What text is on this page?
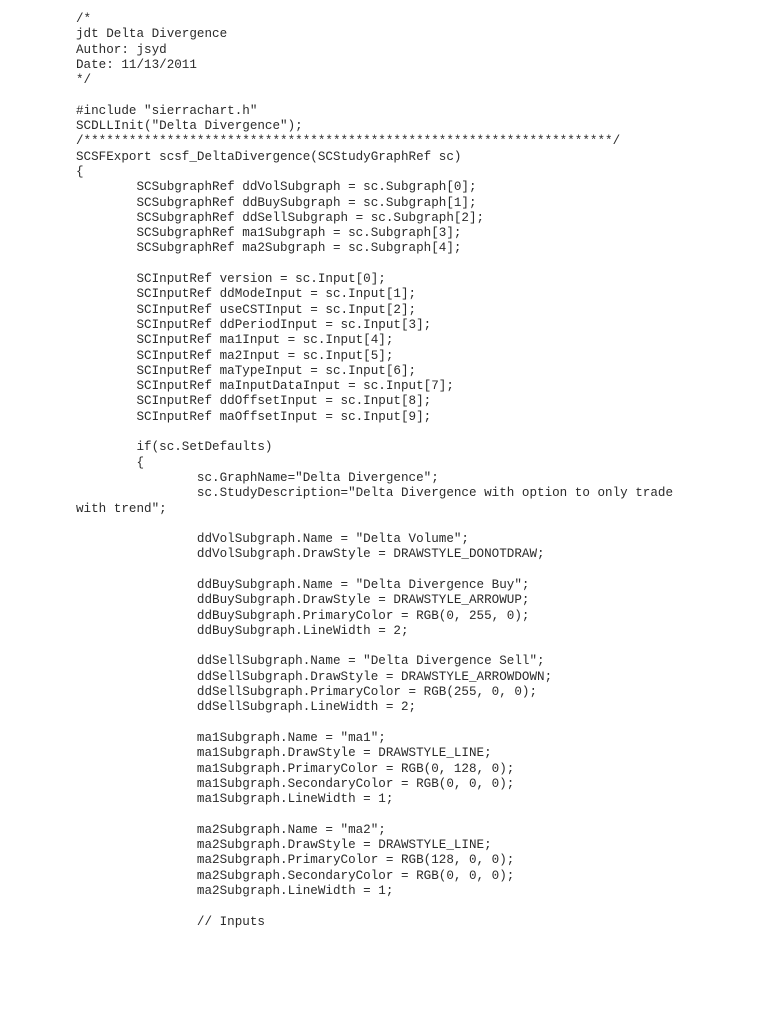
/*
jdt Delta Divergence
Author: jsyd
Date: 11/13/2011
*/
#include "sierrachart.h"
SCDLLInit("Delta Divergence");
/**********************************************************************/
SCSFExport scsf_DeltaDivergence(SCStudyGraphRef sc)
{
SCSubgraphRef ddVolSubgraph = sc.Subgraph[0];
SCSubgraphRef ddBuySubgraph = sc.Subgraph[1];
SCSubgraphRef ddSellSubgraph = sc.Subgraph[2];
SCSubgraphRef ma1Subgraph = sc.Subgraph[3];
SCSubgraphRef ma2Subgraph = sc.Subgraph[4];
SCInputRef version = sc.Input[0];
SCInputRef ddModeInput = sc.Input[1];
SCInputRef useCSTInput = sc.Input[2];
SCInputRef ddPeriodInput = sc.Input[3];
SCInputRef ma1Input = sc.Input[4];
SCInputRef ma2Input = sc.Input[5];
SCInputRef maTypeInput = sc.Input[6];
SCInputRef maInputDataInput = sc.Input[7];
SCInputRef ddOffsetInput = sc.Input[8];
SCInputRef maOffsetInput = sc.Input[9];
if(sc.SetDefaults)
{
sc.GraphName="Delta Divergence";
sc.StudyDescription="Delta Divergence with option to only trade
with trend";
ddVolSubgraph.Name = "Delta Volume";
ddVolSubgraph.DrawStyle = DRAWSTYLE_DONOTDRAW;
ddBuySubgraph.Name = "Delta Divergence Buy";
ddBuySubgraph.DrawStyle = DRAWSTYLE_ARROWUP;
ddBuySubgraph.PrimaryColor = RGB(0, 255, 0);
ddBuySubgraph.LineWidth = 2;
ddSellSubgraph.Name = "Delta Divergence Sell";
ddSellSubgraph.DrawStyle = DRAWSTYLE_ARROWDOWN;
ddSellSubgraph.PrimaryColor = RGB(255, 0, 0);
ddSellSubgraph.LineWidth = 2;
ma1Subgraph.Name = "ma1";
ma1Subgraph.DrawStyle = DRAWSTYLE_LINE;
ma1Subgraph.PrimaryColor = RGB(0, 128, 0);
ma1Subgraph.SecondaryColor = RGB(0, 0, 0);
ma1Subgraph.LineWidth = 1;
ma2Subgraph.Name = "ma2";
ma2Subgraph.DrawStyle = DRAWSTYLE_LINE;
ma2Subgraph.PrimaryColor = RGB(128, 0, 0);
ma2Subgraph.SecondaryColor = RGB(0, 0, 0);
ma2Subgraph.LineWidth = 1;
// Inputs
